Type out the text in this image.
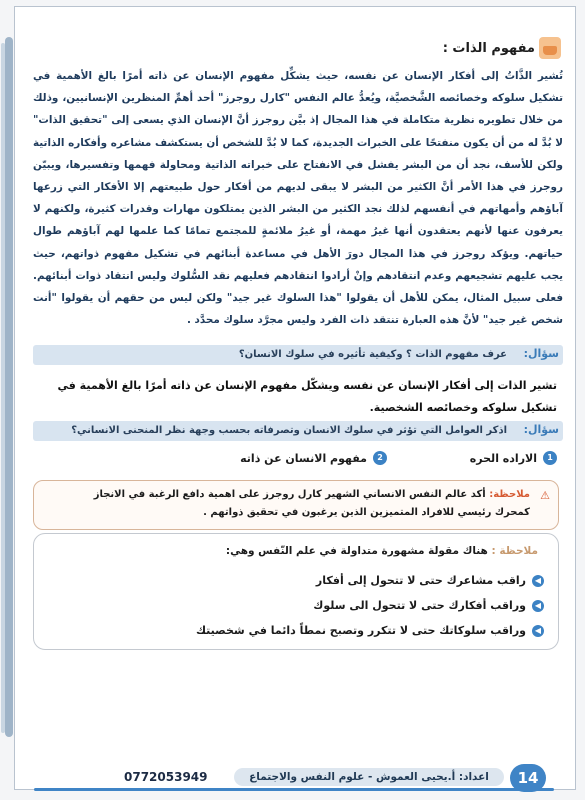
مفهوم الذات :
تُشير الذَّاتُ إلى أفكار الإنسان عن نفسه، حيث يشكِّل مفهوم الإنسان عن ذاته أمرًا بالغ الأهمية في تشكيل سلوكه وخصائصه الشَّخصيَّة، ويُعدُّ عالم النفس "كارل روجرز" أحد أهمِّ المنظرين الإنسانيين، وذلك من خلال تطويره نظرية متكاملة في هذا المجال إذ بيَّن روجرز أنَّ الإنسان الذي يسعى إلى "تحقيق الذات" لا بُدَّ له من أن يكون منفتحًا على الخبرات الجديدة، كما لا بُدَّ للشخص أن يستكشف مشاعره وأفكاره الذاتية ولكن للأسف، نجد أن من البشر يفشل في الانفتاح على خبراته الذاتية ومحاولة فهمها وتفسيرها، ويبيّن روجرز في هذا الأمر أنَّ الكثير من البشر لا يبقى لديهم من أفكار حول طبيعتهم إلا الأفكار التي زرعها آباؤهم وأمهاتهم في أنفسهم لذلك نجد الكثير من البشر الذين يمتلكون مهارات وقدرات كثيرة، ولكنهم لا يعرفون عنها لأنهم يعتقدون أنها غيرُ مهمة، أو غيرُ ملائمةٍ للمجتمع تمامًا كما علمها لهم آباؤهم طوال حياتهم. ويؤكد روجرز في هذا المجال دورَ الأهل في مساعدة أبنائهم في تشكيل مفهوم ذواتهم، حيث يجب عليهم تشجيعهم وعدم انتقادهم وإنْ أرادوا انتقادهم فعليهم نقد السُّلوك وليس انتقاد ذوات أبنائهم. فعلى سبيل المثال، يمكن للأهل أن يقولوا "هذا السلوك غير جيد" ولكن ليس من حقهم أن يقولوا "أنت شخص غير جيد" لأنَّ هذه العبارة تنتقد ذات الفرد وليس مجرَّد سلوك محدَّد .
سؤال:
عرف مفهوم الذات ؟ وكيفية تأثيره في سلوك الانسان؟
تشير الذات إلى أفكار الإنسان عن نفسه ويشكّل مفهوم الإنسان عن ذاته أمرًا بالغ الأهمية في تشكيل سلوكه وخصائصه الشخصية.
سؤال:
اذكر العوامل التي تؤثر في سلوك الانسان وتصرفاته بحسب وجهة نظر المنحنى الانساني؟
1
الاراده الحره
2
مفهوم الانسان عن ذاته
⚠
ملاحظة: أكد عالم النفس الانساني الشهير كارل روجرز على اهمية دافع الرغبة في الانجاز كمحرك رئيسي للافراد المتميزين الذين يرغبون في تحقيق ذواتهم .
ملاحظة : هناك مقولة مشهورة متداولة في علم النّفس وهي:
◀
راقب مشاعرك حتى لا تتحول إلى أفكار
◀
وراقب أفكارك حتى لا تتحول الى سلوك
◀
وراقب سلوكاتك حتى لا تتكرر وتصبح نمطاً دائما في شخصيتك
14
اعداد: أ.يحيى العموش - علوم النفس والاجتماع
0772053949
